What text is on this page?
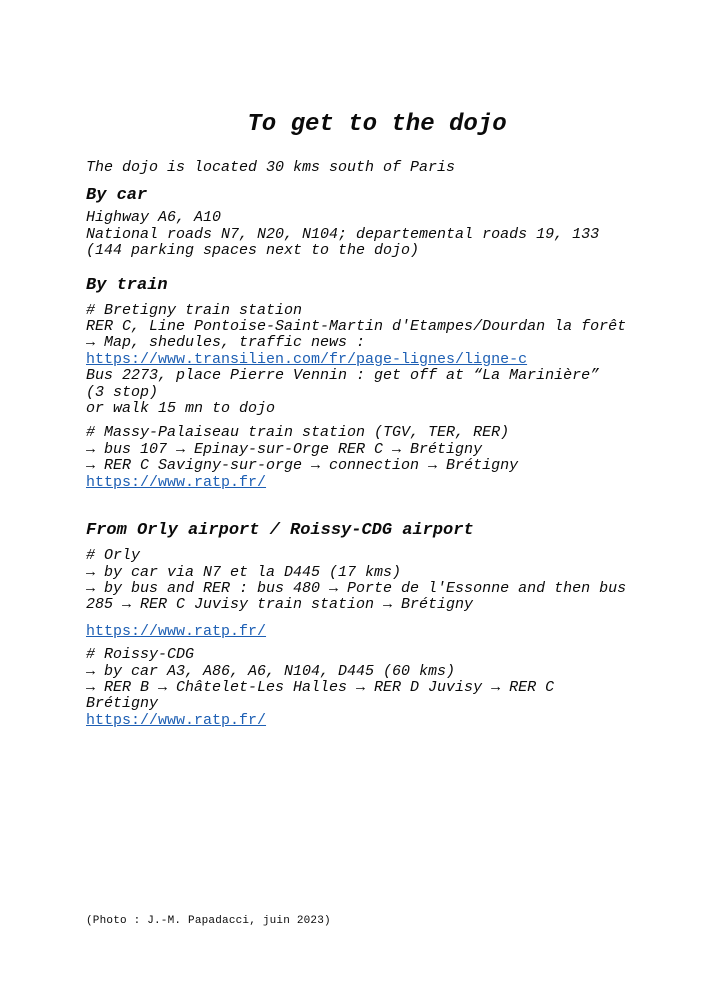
To get to the dojo
The dojo is located 30 kms south of Paris
By car
Highway A6, A10
National roads N7, N20, N104; departemental roads 19, 133
(144 parking spaces next to the dojo)
By train
# Bretigny train station
RER C, Line Pontoise-Saint-Martin d'Etampes/Dourdan la forêt
→ Map, shedules, traffic news :
https://www.transilien.com/fr/page-lignes/ligne-c
Bus 2273, place Pierre Vennin : get off at “La Marinière”
(3 stop)
or walk 15 mn to dojo
# Massy-Palaiseau train station (TGV, TER, RER)
→ bus 107 → Epinay-sur-Orge RER C → Brétigny
→ RER C Savigny-sur-orge → connection → Brétigny
https://www.ratp.fr/
From Orly airport / Roissy-CDG airport
# Orly
→ by car via N7 et la D445 (17 kms)
→ by bus and RER : bus 480 → Porte de l'Essonne and then bus
285 → RER C Juvisy train station → Brétigny
https://www.ratp.fr/
# Roissy-CDG
→ by car A3, A86, A6, N104, D445 (60 kms)
→ RER B → Châtelet-Les Halles → RER D Juvisy → RER C
Brétigny
https://www.ratp.fr/
(Photo : J.-M. Papadacci, juin 2023)
